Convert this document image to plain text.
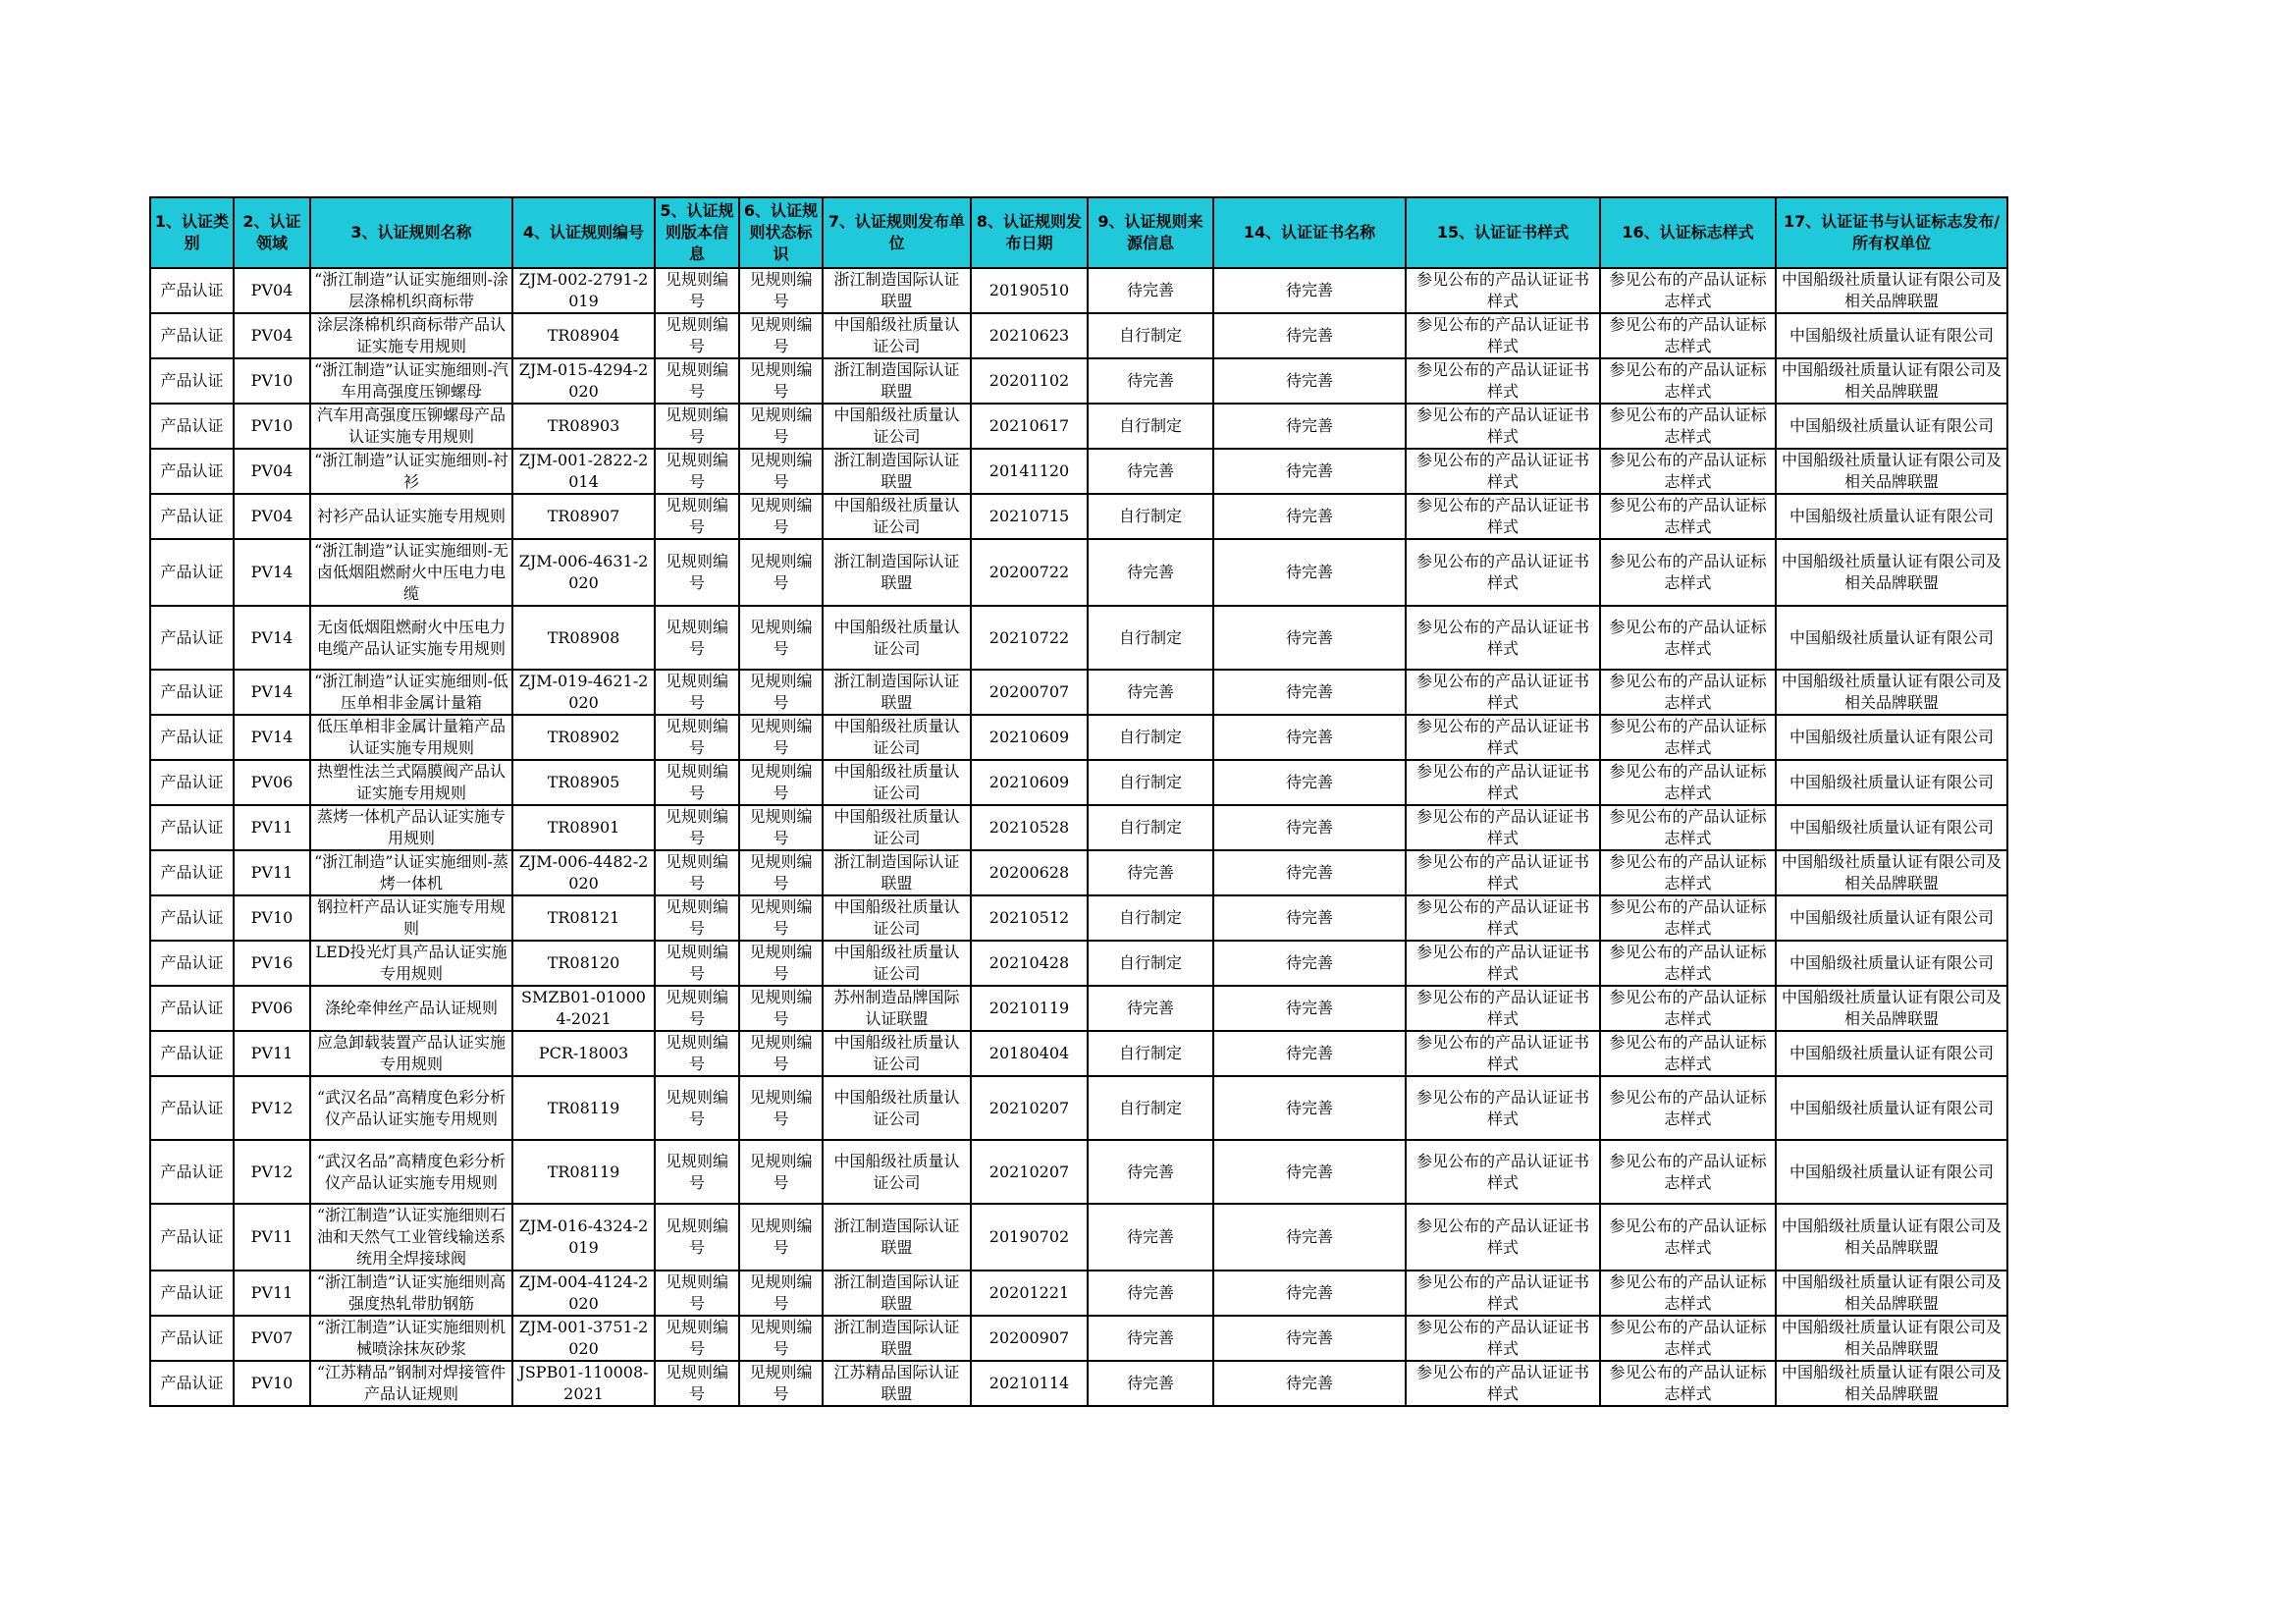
1、认证类别	2、认证领域	3、认证规则名称	4、认证规则编号	5、认证规则版本信息	6、认证规则状态标识	7、认证规则发布单位	8、认证规则发布日期	9、认证规则来源信息	14、认证证书名称	15、认证证书样式	16、认证标志样式	17、认证证书与认证标志发布/所有权单位
产品认证	PV04	“浙江制造”认证实施细则-涂层涤棉机织商标带	ZJM-002-2791-2019	见规则编号	见规则编号	浙江制造国际认证联盟	20190510	待完善	待完善	参见公布的产品认证证书样式	参见公布的产品认证标志样式	中国船级社质量认证有限公司及相关品牌联盟
产品认证	PV04	涂层涤棉机织商标带产品认证实施专用规则	TR08904	见规则编号	见规则编号	中国船级社质量认证公司	20210623	自行制定	待完善	参见公布的产品认证证书样式	参见公布的产品认证标志样式	中国船级社质量认证有限公司
产品认证	PV10	“浙江制造”认证实施细则-汽车用高强度压铆螺母	ZJM-015-4294-2020	见规则编号	见规则编号	浙江制造国际认证联盟	20201102	待完善	待完善	参见公布的产品认证证书样式	参见公布的产品认证标志样式	中国船级社质量认证有限公司及相关品牌联盟
产品认证	PV10	汽车用高强度压铆螺母产品认证实施专用规则	TR08903	见规则编号	见规则编号	中国船级社质量认证公司	20210617	自行制定	待完善	参见公布的产品认证证书样式	参见公布的产品认证标志样式	中国船级社质量认证有限公司
产品认证	PV04	“浙江制造”认证实施细则-衬衫	ZJM-001-2822-2014	见规则编号	见规则编号	浙江制造国际认证联盟	20141120	待完善	待完善	参见公布的产品认证证书样式	参见公布的产品认证标志样式	中国船级社质量认证有限公司及相关品牌联盟
产品认证	PV04	衬衫产品认证实施专用规则	TR08907	见规则编号	见规则编号	中国船级社质量认证公司	20210715	自行制定	待完善	参见公布的产品认证证书样式	参见公布的产品认证标志样式	中国船级社质量认证有限公司
产品认证	PV14	“浙江制造”认证实施细则-无卤低烟阻燃耐火中压电力电缆	ZJM-006-4631-2020	见规则编号	见规则编号	浙江制造国际认证联盟	20200722	待完善	待完善	参见公布的产品认证证书样式	参见公布的产品认证标志样式	中国船级社质量认证有限公司及相关品牌联盟
产品认证	PV14	无卤低烟阻燃耐火中压电力电缆产品认证实施专用规则	TR08908	见规则编号	见规则编号	中国船级社质量认证公司	20210722	自行制定	待完善	参见公布的产品认证证书样式	参见公布的产品认证标志样式	中国船级社质量认证有限公司
产品认证	PV14	“浙江制造”认证实施细则-低压单相非金属计量箱	ZJM-019-4621-2020	见规则编号	见规则编号	浙江制造国际认证联盟	20200707	待完善	待完善	参见公布的产品认证证书样式	参见公布的产品认证标志样式	中国船级社质量认证有限公司及相关品牌联盟
产品认证	PV14	低压单相非金属计量箱产品认证实施专用规则	TR08902	见规则编号	见规则编号	中国船级社质量认证公司	20210609	自行制定	待完善	参见公布的产品认证证书样式	参见公布的产品认证标志样式	中国船级社质量认证有限公司
产品认证	PV06	热塑性法兰式隔膜阀产品认证实施专用规则	TR08905	见规则编号	见规则编号	中国船级社质量认证公司	20210609	自行制定	待完善	参见公布的产品认证证书样式	参见公布的产品认证标志样式	中国船级社质量认证有限公司
产品认证	PV11	蒸烤一体机产品认证实施专用规则	TR08901	见规则编号	见规则编号	中国船级社质量认证公司	20210528	自行制定	待完善	参见公布的产品认证证书样式	参见公布的产品认证标志样式	中国船级社质量认证有限公司
产品认证	PV11	“浙江制造”认证实施细则-蒸烤一体机	ZJM-006-4482-2020	见规则编号	见规则编号	浙江制造国际认证联盟	20200628	待完善	待完善	参见公布的产品认证证书样式	参见公布的产品认证标志样式	中国船级社质量认证有限公司及相关品牌联盟
产品认证	PV10	钢拉杆产品认证实施专用规则	TR08121	见规则编号	见规则编号	中国船级社质量认证公司	20210512	自行制定	待完善	参见公布的产品认证证书样式	参见公布的产品认证标志样式	中国船级社质量认证有限公司
产品认证	PV16	LED投光灯具产品认证实施专用规则	TR08120	见规则编号	见规则编号	中国船级社质量认证公司	20210428	自行制定	待完善	参见公布的产品认证证书样式	参见公布的产品认证标志样式	中国船级社质量认证有限公司
产品认证	PV06	涤纶牵伸丝产品认证规则	SMZB01-010004-2021	见规则编号	见规则编号	苏州制造品牌国际认证联盟	20210119	待完善	待完善	参见公布的产品认证证书样式	参见公布的产品认证标志样式	中国船级社质量认证有限公司及相关品牌联盟
产品认证	PV11	应急卸载装置产品认证实施专用规则	PCR-18003	见规则编号	见规则编号	中国船级社质量认证公司	20180404	自行制定	待完善	参见公布的产品认证证书样式	参见公布的产品认证标志样式	中国船级社质量认证有限公司
产品认证	PV12	“武汉名品”高精度色彩分析仪产品认证实施专用规则	TR08119	见规则编号	见规则编号	中国船级社质量认证公司	20210207	自行制定	待完善	参见公布的产品认证证书样式	参见公布的产品认证标志样式	中国船级社质量认证有限公司
产品认证	PV12	“武汉名品”高精度色彩分析仪产品认证实施专用规则	TR08119	见规则编号	见规则编号	中国船级社质量认证公司	20210207	待完善	待完善	参见公布的产品认证证书样式	参见公布的产品认证标志样式	中国船级社质量认证有限公司
产品认证	PV11	“浙江制造”认证实施细则石油和天然气工业管线输送系统用全焊接球阀	ZJM-016-4324-2019	见规则编号	见规则编号	浙江制造国际认证联盟	20190702	待完善	待完善	参见公布的产品认证证书样式	参见公布的产品认证标志样式	中国船级社质量认证有限公司及相关品牌联盟
产品认证	PV11	“浙江制造”认证实施细则高强度热轧带肋钢筋	ZJM-004-4124-2020	见规则编号	见规则编号	浙江制造国际认证联盟	20201221	待完善	待完善	参见公布的产品认证证书样式	参见公布的产品认证标志样式	中国船级社质量认证有限公司及相关品牌联盟
产品认证	PV07	“浙江制造”认证实施细则机械喷涂抹灰砂浆	ZJM-001-3751-2020	见规则编号	见规则编号	浙江制造国际认证联盟	20200907	待完善	待完善	参见公布的产品认证证书样式	参见公布的产品认证标志样式	中国船级社质量认证有限公司及相关品牌联盟
产品认证	PV10	“江苏精品”钢制对焊接管件产品认证规则	JSPB01-110008-2021	见规则编号	见规则编号	江苏精品国际认证联盟	20210114	待完善	待完善	参见公布的产品认证证书样式	参见公布的产品认证标志样式	中国船级社质量认证有限公司及相关品牌联盟
